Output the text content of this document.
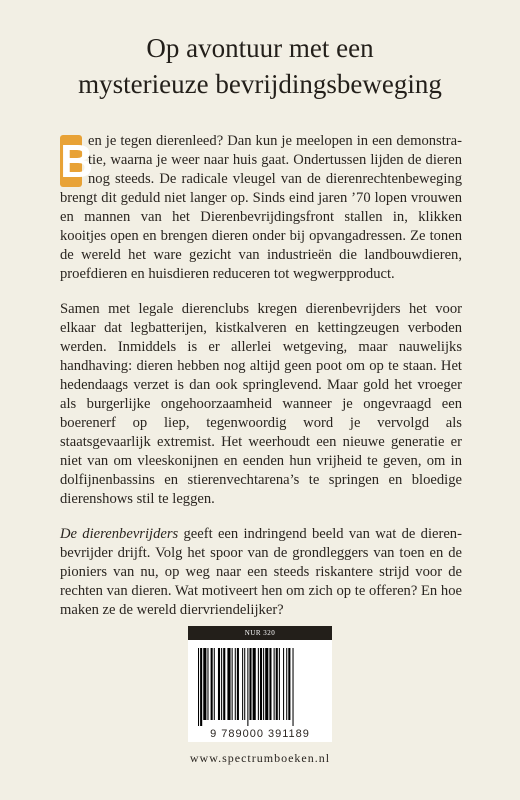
Op avontuur met een
mysterieuze bevrijdingsbeweging

B
en je tegen dierenleed? Dan kun je meelopen in een demonstratie, waarna je weer naar huis gaat. Ondertussen lijden de dieren nog steeds. De radicale vleugel van de dierenrechtenbeweging brengt dit geduld niet langer op. Sinds eind jaren ’70 lopen vrouwen en mannen van het Dierenbevrijdingsfront stallen in, klikken kooitjes open en brengen dieren onder bij opvangadressen. Ze tonen de wereld het ware gezicht van industrieën die landbouwdieren, proefdieren en huisdieren reduceren tot wegwerpproduct.

Samen met legale dierenclubs kregen dierenbevrijders het voor elkaar dat legbatterijen, kistkalveren en kettingzeugen verboden werden. Inmiddels is er allerlei wetgeving, maar nauwelijks handhaving: dieren hebben nog altijd geen poot om op te staan. Het hedendaags verzet is dan ook springlevend. Maar gold het vroeger als burgerlijke ongehoorzaamheid wanneer je ongevraagd een boerenerf op liep, tegenwoordig word je vervolgd als staatsgevaarlijk extremist. Het weerhoudt een nieuwe generatie er niet van om vleeskonijnen en eenden hun vrijheid te geven, om in dolfijnenbassins en stierenvechtarena’s te springen en bloedige dierenshows stil te leggen.

De dierenbevrijders geeft een indringend beeld van wat de dierenbevrijder drijft. Volg het spoor van de grondleggers van toen en de pioniers van nu, op weg naar een steeds riskantere strijd voor de rechten van dieren. Wat motiveert hen om zich op te offeren? En hoe maken ze de wereld diervriendelijker?

NUR 320
9 789000 391189
www.spectrumboeken.nl
